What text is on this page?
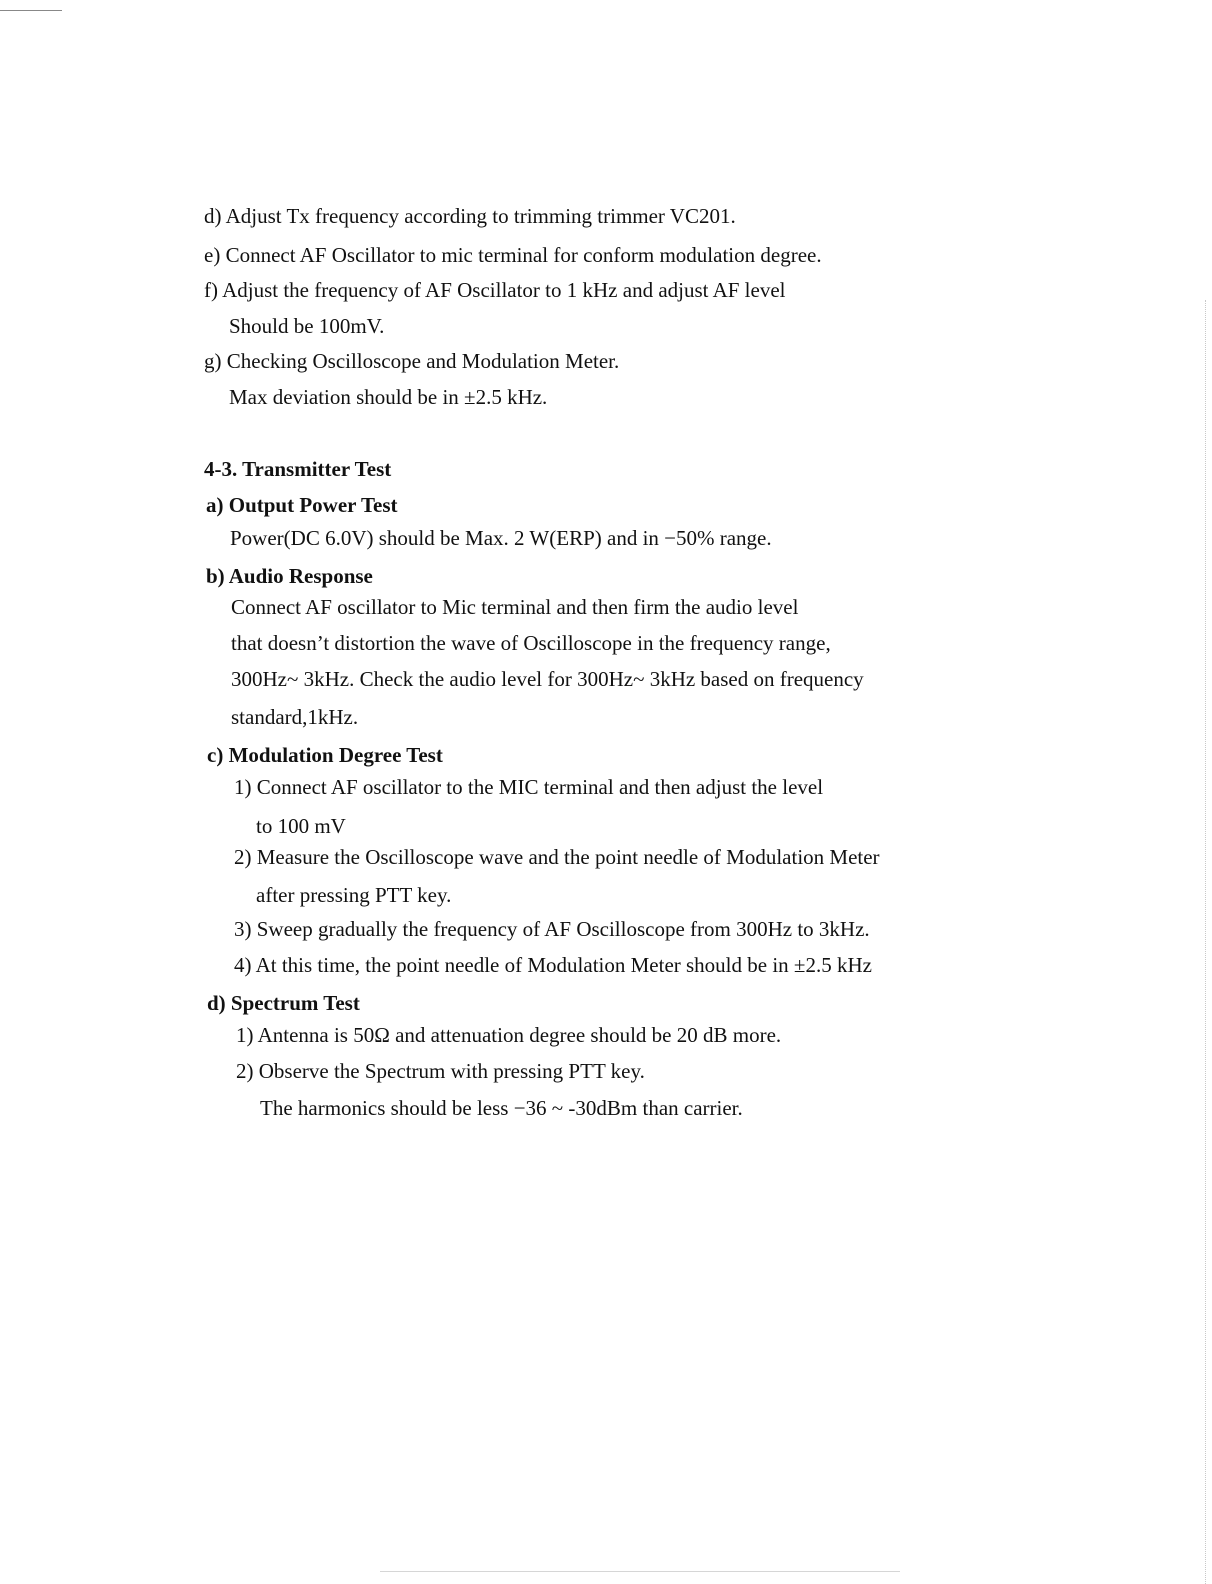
d) Adjust Tx frequency according to trimming trimmer VC201.
e) Connect AF Oscillator to mic terminal for conform modulation degree.
f) Adjust the frequency of AF Oscillator to 1 kHz and adjust AF level
Should be 100mV.
g) Checking Oscilloscope and Modulation Meter.
Max deviation should be in ±2.5 kHz.
4-3. Transmitter Test
a) Output Power Test
Power(DC 6.0V) should be Max. 2 W(ERP) and in −50% range.
b) Audio Response
Connect AF oscillator to Mic terminal and then firm the audio level
that doesn’t distortion the wave of Oscilloscope in the frequency range,
300Hz~ 3kHz. Check the audio level for 300Hz~ 3kHz based on frequency
standard,1kHz.
c) Modulation Degree Test
1) Connect AF oscillator to the MIC terminal and then adjust the level
to 100 mV
2) Measure the Oscilloscope wave and the point needle of Modulation Meter
after pressing PTT key.
3) Sweep gradually the frequency of AF Oscilloscope from 300Hz to 3kHz.
4) At this time, the point needle of Modulation Meter should be in ±2.5 kHz
d) Spectrum Test
1) Antenna is 50Ω and attenuation degree should be 20 dB more.
2) Observe the Spectrum with pressing PTT key.
The harmonics should be less −36 ~ -30dBm than carrier.
